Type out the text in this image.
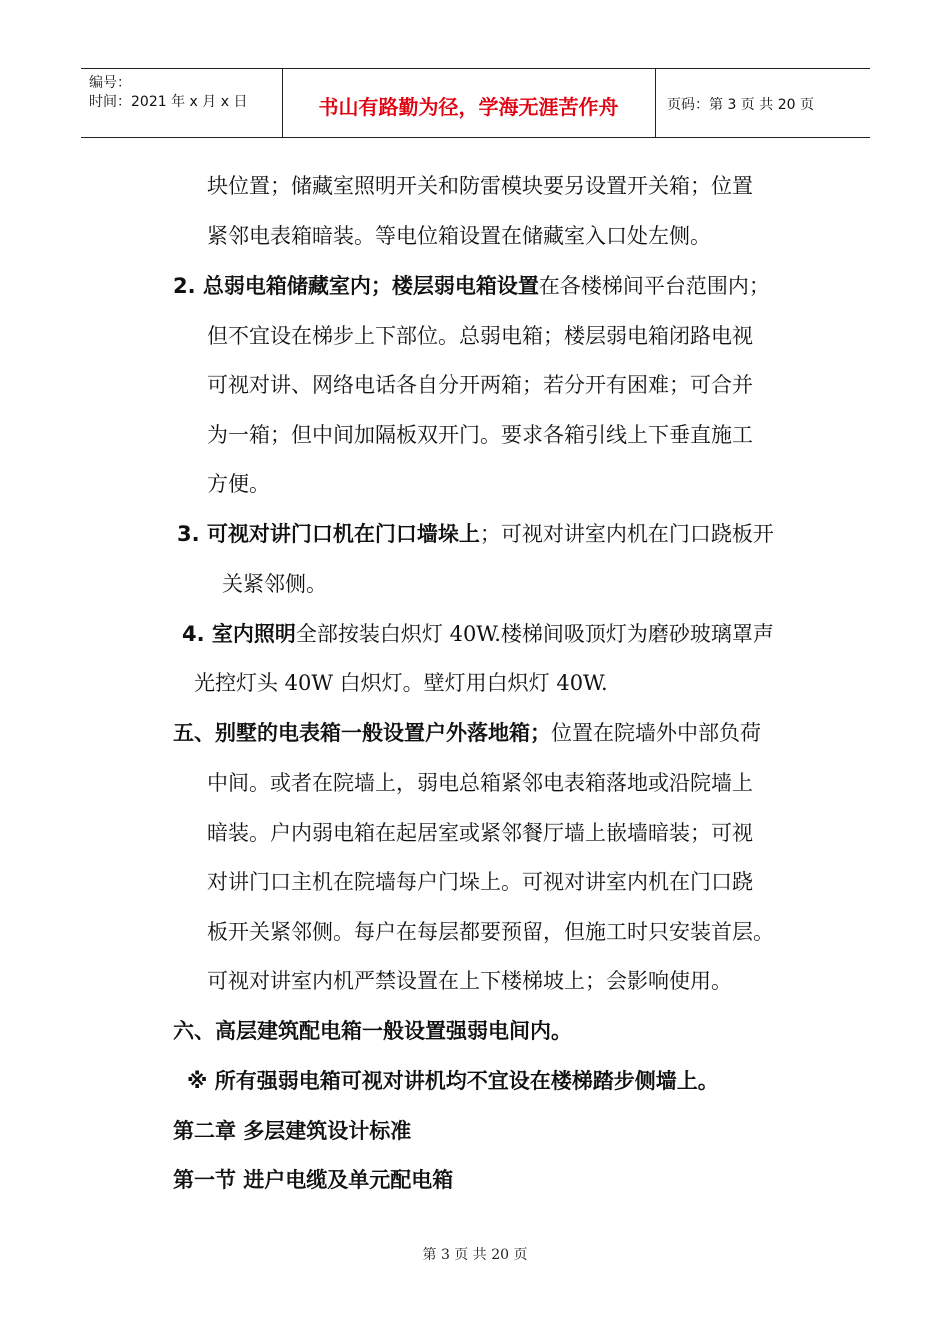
编号：
时间：2021 年 x 月 x 日	书山有路勤为径，学海无涯苦作舟	页码：第 3 页 共 20 页
块位置；储藏室照明开关和防雷模块要另设置开关箱；位置
紧邻电表箱暗装。等电位箱设置在储藏室入口处左侧。
2. 总弱电箱储藏室内；楼层弱电箱设置在各楼梯间平台范围内；
但不宜设在梯步上下部位。总弱电箱；楼层弱电箱闭路电视
可视对讲、网络电话各自分开两箱；若分开有困难；可合并
为一箱；但中间加隔板双开门。要求各箱引线上下垂直施工
方便。
3. 可视对讲门口机在门口墙垛上；可视对讲室内机在门口跷板开
关紧邻侧。
4. 室内照明全部按装白炽灯 40W.楼梯间吸顶灯为磨砂玻璃罩声
光控灯头 40W 白炽灯。壁灯用白炽灯 40W.
五、别墅的电表箱一般设置户外落地箱；位置在院墙外中部负荷
中间。或者在院墙上，弱电总箱紧邻电表箱落地或沿院墙上
暗装。户内弱电箱在起居室或紧邻餐厅墙上嵌墙暗装；可视
对讲门口主机在院墙每户门垛上。可视对讲室内机在门口跷
板开关紧邻侧。每户在每层都要预留，但施工时只安装首层。
可视对讲室内机严禁设置在上下楼梯坡上；会影响使用。
六、高层建筑配电箱一般设置强弱电间内。
※ 所有强弱电箱可视对讲机均不宜设在楼梯踏步侧墙上。
第二章 多层建筑设计标准
第一节 进户电缆及单元配电箱
第 3 页 共 20 页
